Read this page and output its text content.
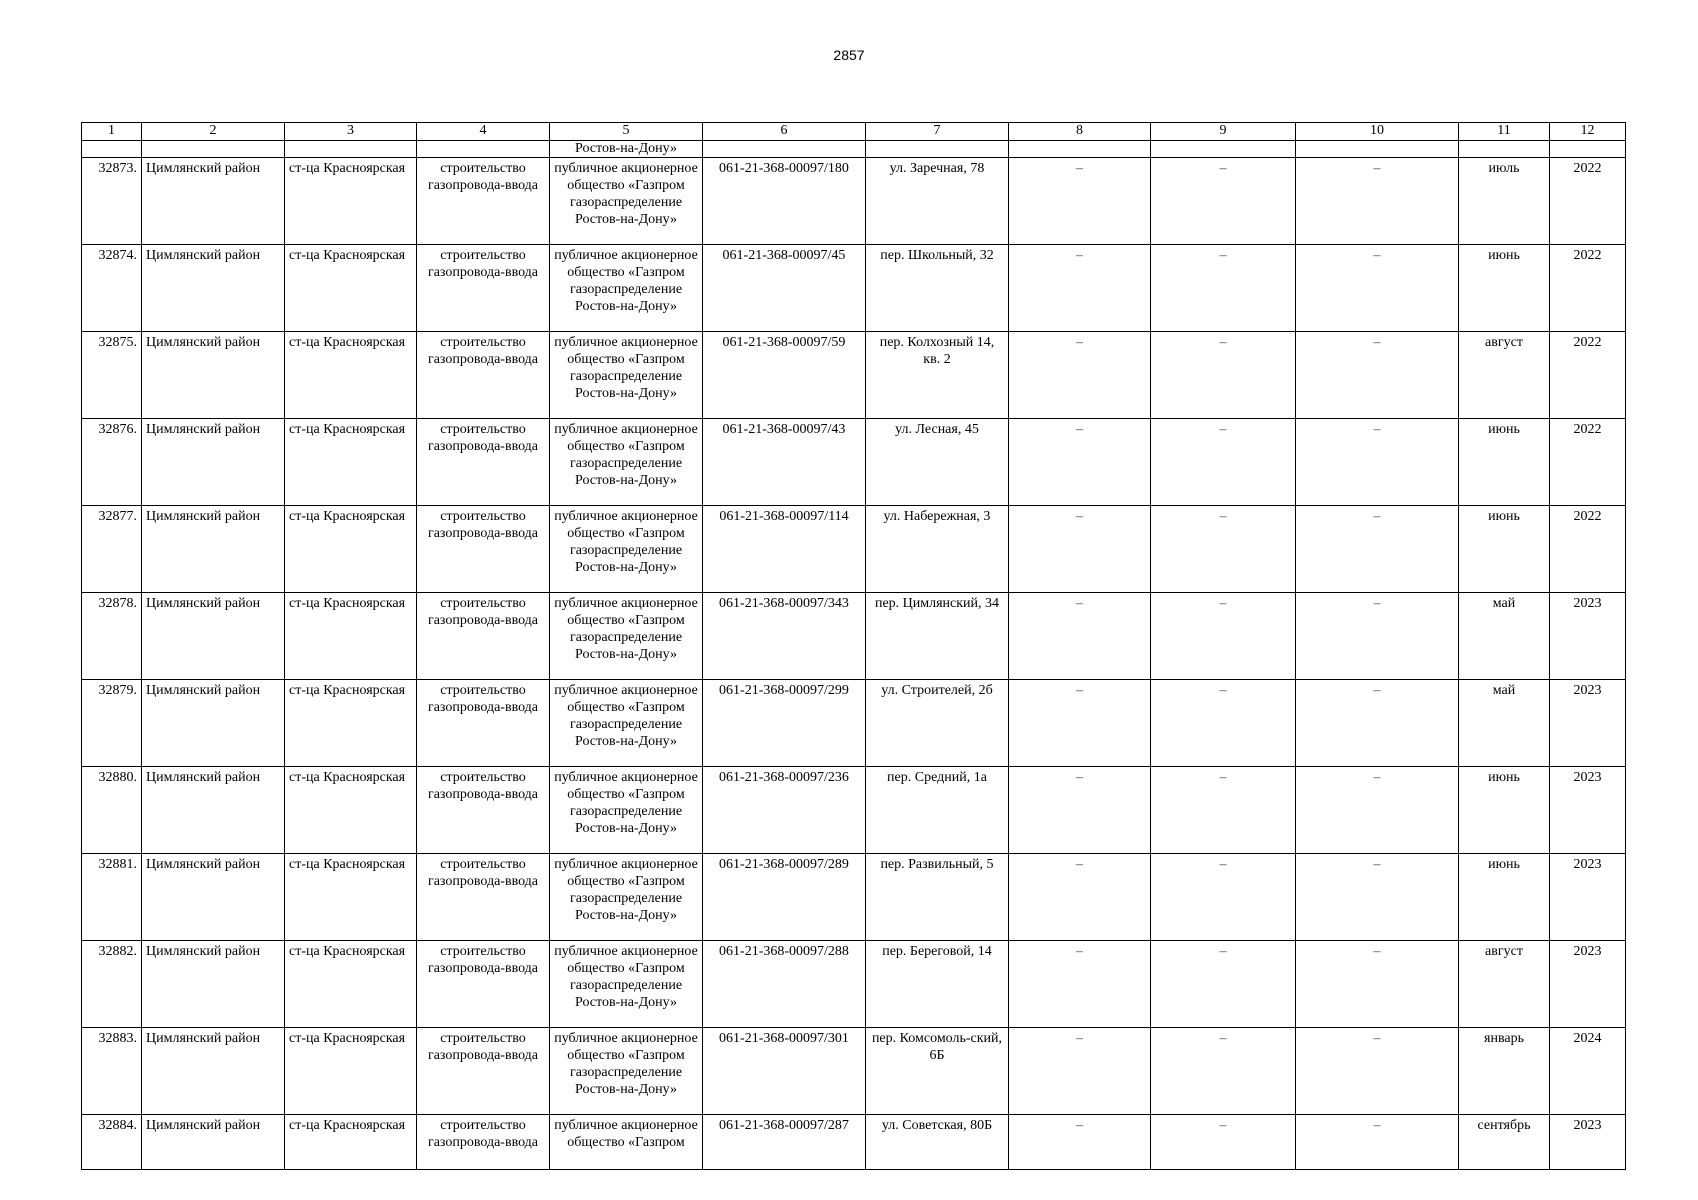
2857
1	2	3	4	5	6	7	8	9	10	11	12
				Ростов-на-Дону»							
32873.	Цимлянский район	ст-ца Красноярская	строительство газопровода-ввода	публичное акционерное общество «Газпром газораспределение Ростов-на-Дону»	061-21-368-00097/180	ул. Заречная, 78	–	–	–	июль	2022
32874.	Цимлянский район	ст-ца Красноярская	строительство газопровода-ввода	публичное акционерное общество «Газпром газораспределение Ростов-на-Дону»	061-21-368-00097/45	пер. Школьный, 32	–	–	–	июнь	2022
32875.	Цимлянский район	ст-ца Красноярская	строительство газопровода-ввода	публичное акционерное общество «Газпром газораспределение Ростов-на-Дону»	061-21-368-00097/59	пер. Колхозный 14, кв. 2	–	–	–	август	2022
32876.	Цимлянский район	ст-ца Красноярская	строительство газопровода-ввода	публичное акционерное общество «Газпром газораспределение Ростов-на-Дону»	061-21-368-00097/43	ул. Лесная, 45	–	–	–	июнь	2022
32877.	Цимлянский район	ст-ца Красноярская	строительство газопровода-ввода	публичное акционерное общество «Газпром газораспределение Ростов-на-Дону»	061-21-368-00097/114	ул. Набережная, 3	–	–	–	июнь	2022
32878.	Цимлянский район	ст-ца Красноярская	строительство газопровода-ввода	публичное акционерное общество «Газпром газораспределение Ростов-на-Дону»	061-21-368-00097/343	пер. Цимлянский, 34	–	–	–	май	2023
32879.	Цимлянский район	ст-ца Красноярская	строительство газопровода-ввода	публичное акционерное общество «Газпром газораспределение Ростов-на-Дону»	061-21-368-00097/299	ул. Строителей, 2б	–	–	–	май	2023
32880.	Цимлянский район	ст-ца Красноярская	строительство газопровода-ввода	публичное акционерное общество «Газпром газораспределение Ростов-на-Дону»	061-21-368-00097/236	пер. Средний, 1а	–	–	–	июнь	2023
32881.	Цимлянский район	ст-ца Красноярская	строительство газопровода-ввода	публичное акционерное общество «Газпром газораспределение Ростов-на-Дону»	061-21-368-00097/289	пер. Развильный, 5	–	–	–	июнь	2023
32882.	Цимлянский район	ст-ца Красноярская	строительство газопровода-ввода	публичное акционерное общество «Газпром газораспределение Ростов-на-Дону»	061-21-368-00097/288	пер. Береговой, 14	–	–	–	август	2023
32883.	Цимлянский район	ст-ца Красноярская	строительство газопровода-ввода	публичное акционерное общество «Газпром газораспределение Ростов-на-Дону»	061-21-368-00097/301	пер. Комсомоль-ский, 6Б	–	–	–	январь	2024
32884.	Цимлянский район	ст-ца Красноярская	строительство газопровода-ввода	публичное акционерное общество «Газпром	061-21-368-00097/287	ул. Советская, 80Б	–	–	–	сентябрь	2023
